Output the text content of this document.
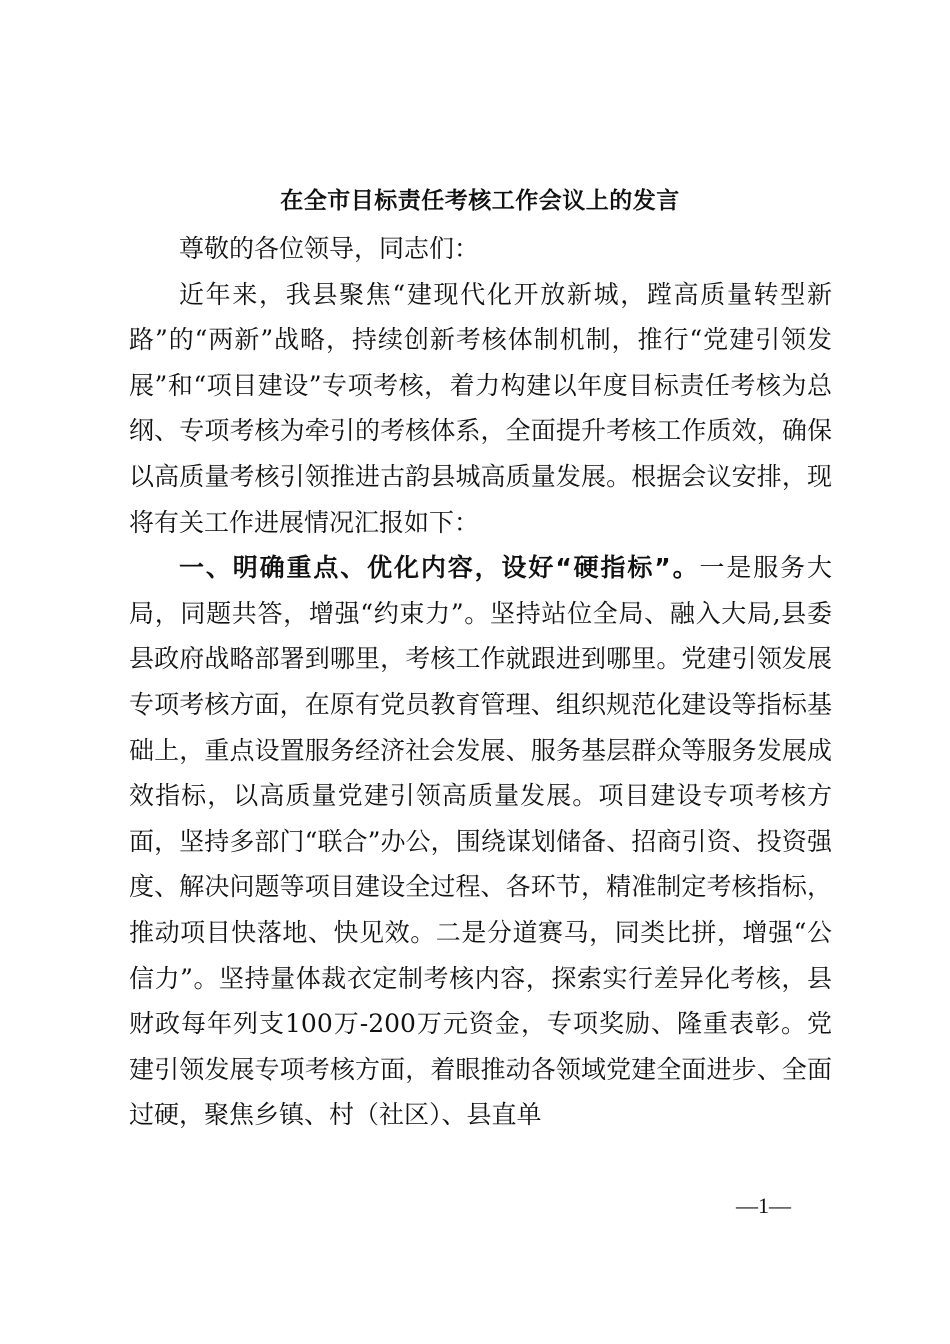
在全市目标责任考核工作会议上的发言

尊敬的各位领导，同志们：

近年来，我县聚焦“建现代化开放新城，蹚高质量转型新路”的“两新”战略，持续创新考核体制机制，推行“党建引领发展”和“项目建设”专项考核，着力构建以年度目标责任考核为总纲、专项考核为牵引的考核体系，全面提升考核工作质效，确保以高质量考核引领推进古韵县城高质量发展。根据会议安排，现将有关工作进展情况汇报如下：

一、明确重点、优化内容，设好“硬指标”。一是服务大局，同题共答，增强“约束力”。坚持站位全局、融入大局,县委县政府战略部署到哪里，考核工作就跟进到哪里。党建引领发展专项考核方面，在原有党员教育管理、组织规范化建设等指标基础上，重点设置服务经济社会发展、服务基层群众等服务发展成效指标，以高质量党建引领高质量发展。项目建设专项考核方面，坚持多部门“联合”办公，围绕谋划储备、招商引资、投资强度、解决问题等项目建设全过程、各环节，精准制定考核指标，推动项目快落地、快见效。二是分道赛马，同类比拼，增强“公信力”。坚持量体裁衣定制考核内容，探索实行差异化考核，县财政每年列支100万-200万元资金，专项奖励、隆重表彰。党建引领发展专项考核方面，着眼推动各领域党建全面进步、全面过硬，聚焦乡镇、村（社区）、县直单

—1—
